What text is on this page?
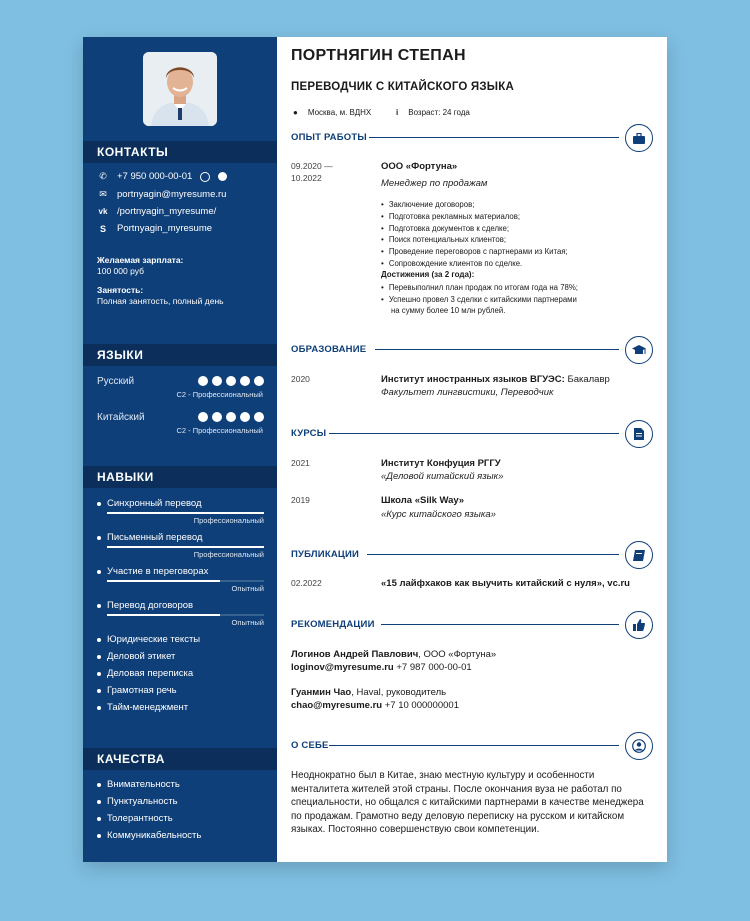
КОНТАКТЫ
✆ +7 950 000-00-01
✉ portnyagin@myresume.ru
vk /portnyagin_myresume/
S	Portnyagin_myresume
Желаемая зарплата:
100 000 руб
Занятость:
Полная занятость, полный день
ЯЗЫКИ
Русский
C2 - Профессиональный
Китайский
C2 - Профессиональный
НАВЫКИ
Синхронный перевод
Профессиональный
Письменный перевод
Профессиональный
Участие в переговорах
Опытный
Перевод договоров
Опытный
Юридические тексты
Деловой этикет
Деловая переписка
Грамотная речь
Тайм-менеджмент
КАЧЕСТВА
Внимательность
Пунктуальность
Толерантность
Коммуникабельность
ПОРТНЯГИН СТЕПАН
ПЕРЕВОДЧИК С КИТАЙСКОГО ЯЗЫКА
● Москва, м. ВДНХ	i Возраст: 24 года
ОПЫТ РАБОТЫ
09.2020 —
10.2022
ООО «Фортуна»
Менеджер по продажам
• Заключение договоров;
• Подготовка рекламных материалов;
• Подготовка документов к сделке;
• Поиск потенциальных клиентов;
• Проведение переговоров с партнерами из Китая;
• Сопровождение клиентов по сделке.
Достижения (за 2 года):
• Перевыполнил план продаж по итогам года на 78%;
• Успешно провел 3 сделки с китайскими партнерами
на сумму более 10 млн рублей.
ОБРАЗОВАНИЕ
2020	Институт иностранных языков ВГУЭС: Бакалавр
Факультет лингвистики, Переводчик
КУРСЫ
2021	Институт Конфуция РГГУ
«Деловой китайский язык»
2019	Школа «Silk Way»
«Курс китайского языка»
ПУБЛИКАЦИИ
02.2022	«15 лайфхаков как выучить китайский с нуля», vc.ru
РЕКОМЕНДАЦИИ
Логинов Андрей Павлович, ООО «Фортуна»
loginov@myresume.ru +7 987 000-00-01
Гуанмин Чао, Haval, руководитель
chao@myresume.ru +7 10 000000001
О СЕБЕ
Неоднократно был в Китае, знаю местную культуру и особенности менталитета жителей этой страны. После окончания вуза не работал по специальности, но общался с китайскими партнерами в качестве менеджера по продажам. Грамотно веду деловую переписку на русском и китайском языках. Постоянно совершенствую свои компетенции.
